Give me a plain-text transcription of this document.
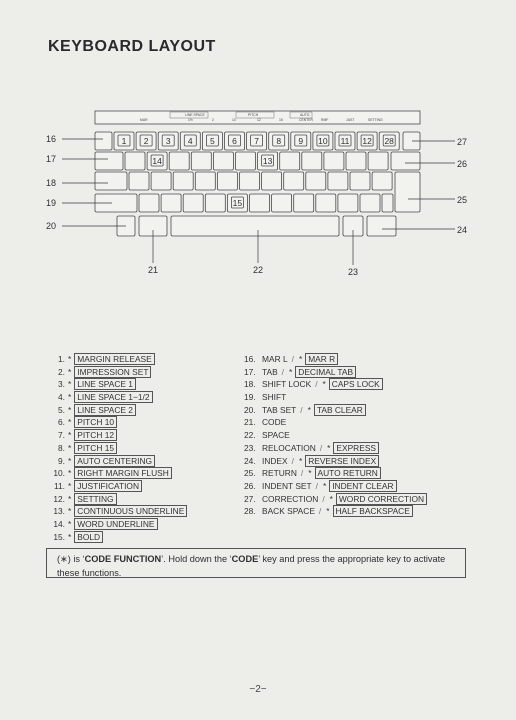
KEYBOARD LAYOUT
LINE SPACE	PITCH	AUTO
MAR	1½	2	10	12	15	CENTER RMF	JUST	SETTING
1 2 3 4 5 6 7 8 9 10 11 12 28
14	13
15
16
17
18
19
20
27
26
25
24
21	22	23
1. * MARGIN RELEASE
2. * IMPRESSION SET
3. * LINE SPACE 1
4. * LINE SPACE 1−1/2
5. * LINE SPACE 2
6. * PITCH 10
7. * PITCH 12
8. * PITCH 15
9. * AUTO CENTERING
10. * RIGHT MARGIN FLUSH
11. * JUSTIFICATION
12. * SETTING
13. * CONTINUOUS UNDERLINE
14. * WORD UNDERLINE
15. * BOLD
16. MAR L / * MAR R
17. TAB / * DECIMAL TAB
18. SHIFT LOCK / * CAPS LOCK
19. SHIFT
20. TAB SET / * TAB CLEAR
21. CODE
22. SPACE
23. RELOCATION / * EXPRESS
24. INDEX / * REVERSE INDEX
25. RETURN / * AUTO RETURN
26. INDENT SET / * INDENT CLEAR
27. CORRECTION / * WORD CORRECTION
28. BACK SPACE / * HALF BACKSPACE
(∗) is ‘CODE FUNCTION’. Hold down the ‘CODE’ key and press the appropriate key to activate these functions.
−2−
